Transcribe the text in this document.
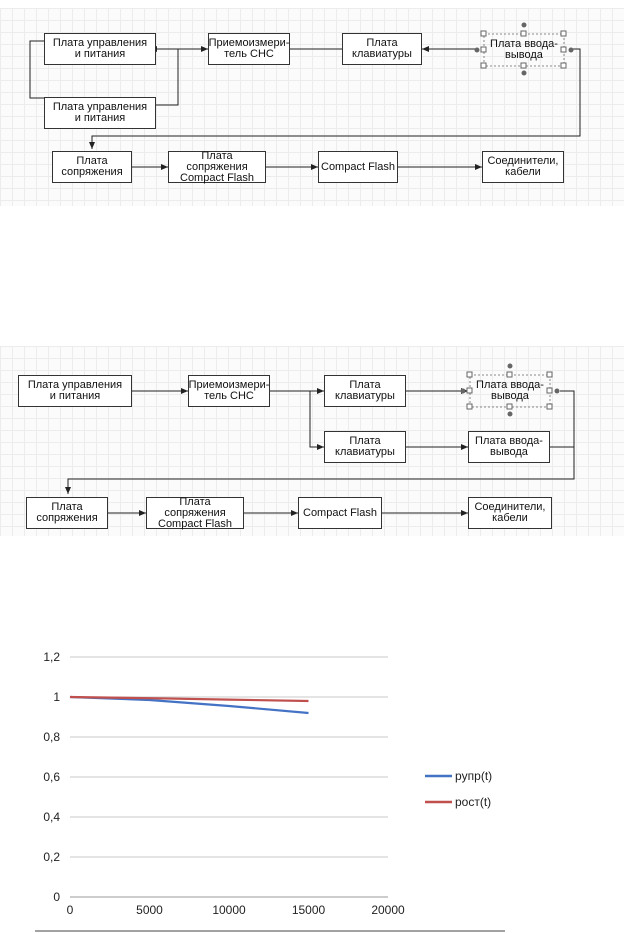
Плата управления
и питания
Плата управления
и питания
Приемоизмери-
тель СНС
Плата
клавиатуры
Плата ввода-
вывода
Плата
сопряжения
Плата сопряжения
Compact Flash
Compact Flash	Соединители,
кабели
Плата управления
и питания
Приемоизмери-
тель СНС
Плата
клавиатуры
Плата ввода-
вывода
Плата
клавиатуры
Плата ввода-
вывода
Плата
сопряжения
Плата сопряжения
Compact Flash
Compact Flash	Соединители,
кабели
0
0,2
0,4
0,6
0,8
1
1,2
0	5000	10000	15000	20000
pупр(t)
pост(t)
